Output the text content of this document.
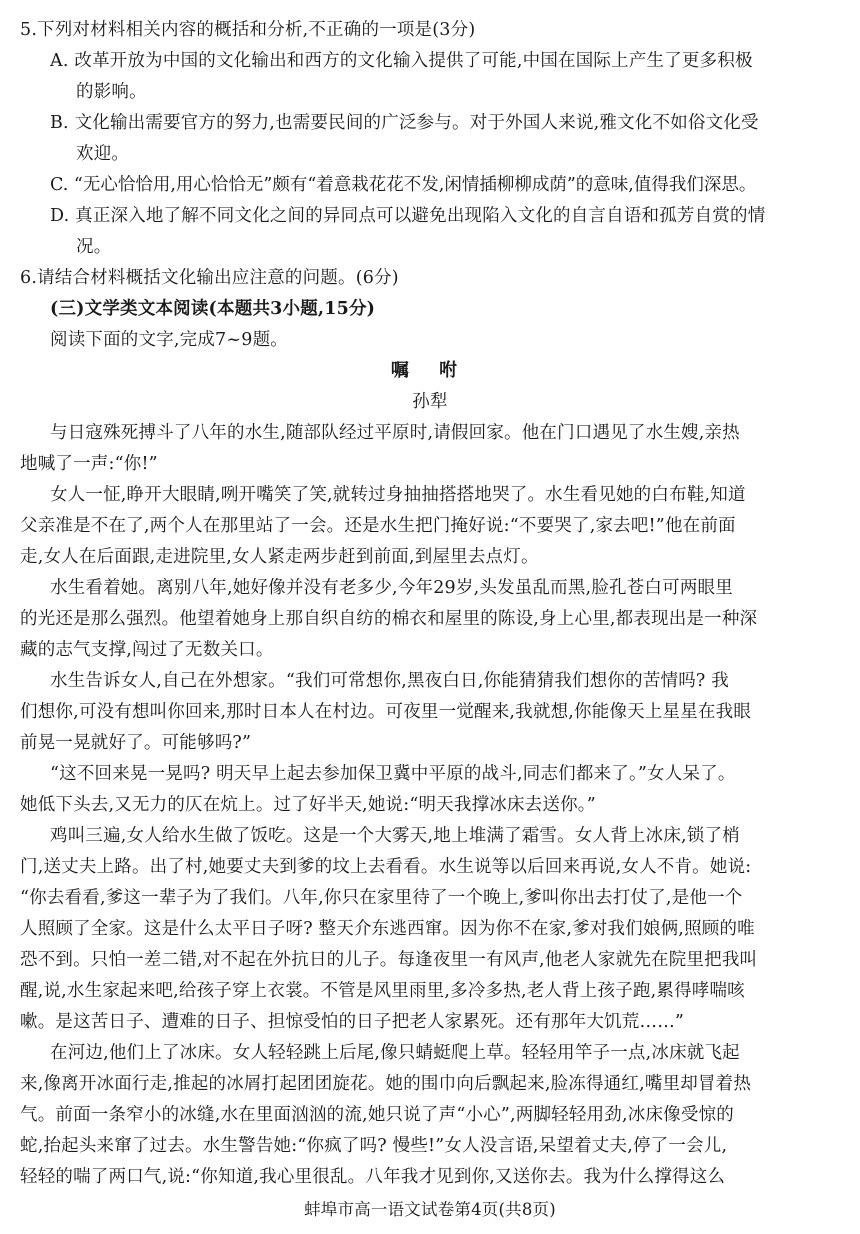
5.下列对材料相关内容的概括和分析,不正确的一项是(3分)
A. 改革开放为中国的文化输出和西方的文化输入提供了可能,中国在国际上产生了更多积极
的影响。
B. 文化输出需要官方的努力,也需要民间的广泛参与。对于外国人来说,雅文化不如俗文化受
欢迎。
C. “无心恰恰用,用心恰恰无”颇有“着意栽花花不发,闲情插柳柳成荫”的意味,值得我们深思。
D. 真正深入地了解不同文化之间的异同点可以避免出现陷入文化的自言自语和孤芳自赏的情
况。
6.请结合材料概括文化输出应注意的问题。(6分)
(三)文学类文本阅读(本题共3小题,15分)
阅读下面的文字,完成7~9题。
嘱 咐
孙犁
与日寇殊死搏斗了八年的水生,随部队经过平原时,请假回家。他在门口遇见了水生嫂,亲热
地喊了一声:“你!”
女人一怔,睁开大眼睛,咧开嘴笑了笑,就转过身抽抽搭搭地哭了。水生看见她的白布鞋,知道
父亲准是不在了,两个人在那里站了一会。还是水生把门掩好说:“不要哭了,家去吧!”他在前面
走,女人在后面跟,走进院里,女人紧走两步赶到前面,到屋里去点灯。
水生看着她。离别八年,她好像并没有老多少,今年29岁,头发虽乱而黑,脸孔苍白可两眼里
的光还是那么强烈。他望着她身上那自织自纺的棉衣和屋里的陈设,身上心里,都表现出是一种深
藏的志气支撑,闯过了无数关口。
水生告诉女人,自己在外想家。“我们可常想你,黑夜白日,你能猜猜我们想你的苦情吗? 我
们想你,可没有想叫你回来,那时日本人在村边。可夜里一觉醒来,我就想,你能像天上星星在我眼
前晃一晃就好了。可能够吗?”
“这不回来晃一晃吗? 明天早上起去参加保卫冀中平原的战斗,同志们都来了。”女人呆了。
她低下头去,又无力的仄在炕上。过了好半天,她说:“明天我撑冰床去送你。”
鸡叫三遍,女人给水生做了饭吃。这是一个大雾天,地上堆满了霜雪。女人背上冰床,锁了梢
门,送丈夫上路。出了村,她要丈夫到爹的坟上去看看。水生说等以后回来再说,女人不肯。她说:
“你去看看,爹这一辈子为了我们。八年,你只在家里待了一个晚上,爹叫你出去打仗了,是他一个
人照顾了全家。这是什么太平日子呀? 整天介东逃西窜。因为你不在家,爹对我们娘俩,照顾的唯
恐不到。只怕一差二错,对不起在外抗日的儿子。每逢夜里一有风声,他老人家就先在院里把我叫
醒,说,水生家起来吧,给孩子穿上衣裳。不管是风里雨里,多冷多热,老人背上孩子跑,累得哮喘咳
嗽。是这苦日子、遭难的日子、担惊受怕的日子把老人家累死。还有那年大饥荒……”
在河边,他们上了冰床。女人轻轻跳上后尾,像只蜻蜓爬上草。轻轻用竿子一点,冰床就飞起
来,像离开冰面行走,推起的冰屑打起团团旋花。她的围巾向后飘起来,脸冻得通红,嘴里却冒着热
气。前面一条窄小的冰缝,水在里面汹汹的流,她只说了声“小心”,两脚轻轻用劲,冰床像受惊的
蛇,抬起头来窜了过去。水生警告她:“你疯了吗? 慢些!”女人没言语,呆望着丈夫,停了一会儿,
轻轻的喘了两口气,说:“你知道,我心里很乱。八年我才见到你,又送你去。我为什么撑得这么
蚌埠市高一语文试卷第4页(共8页)
